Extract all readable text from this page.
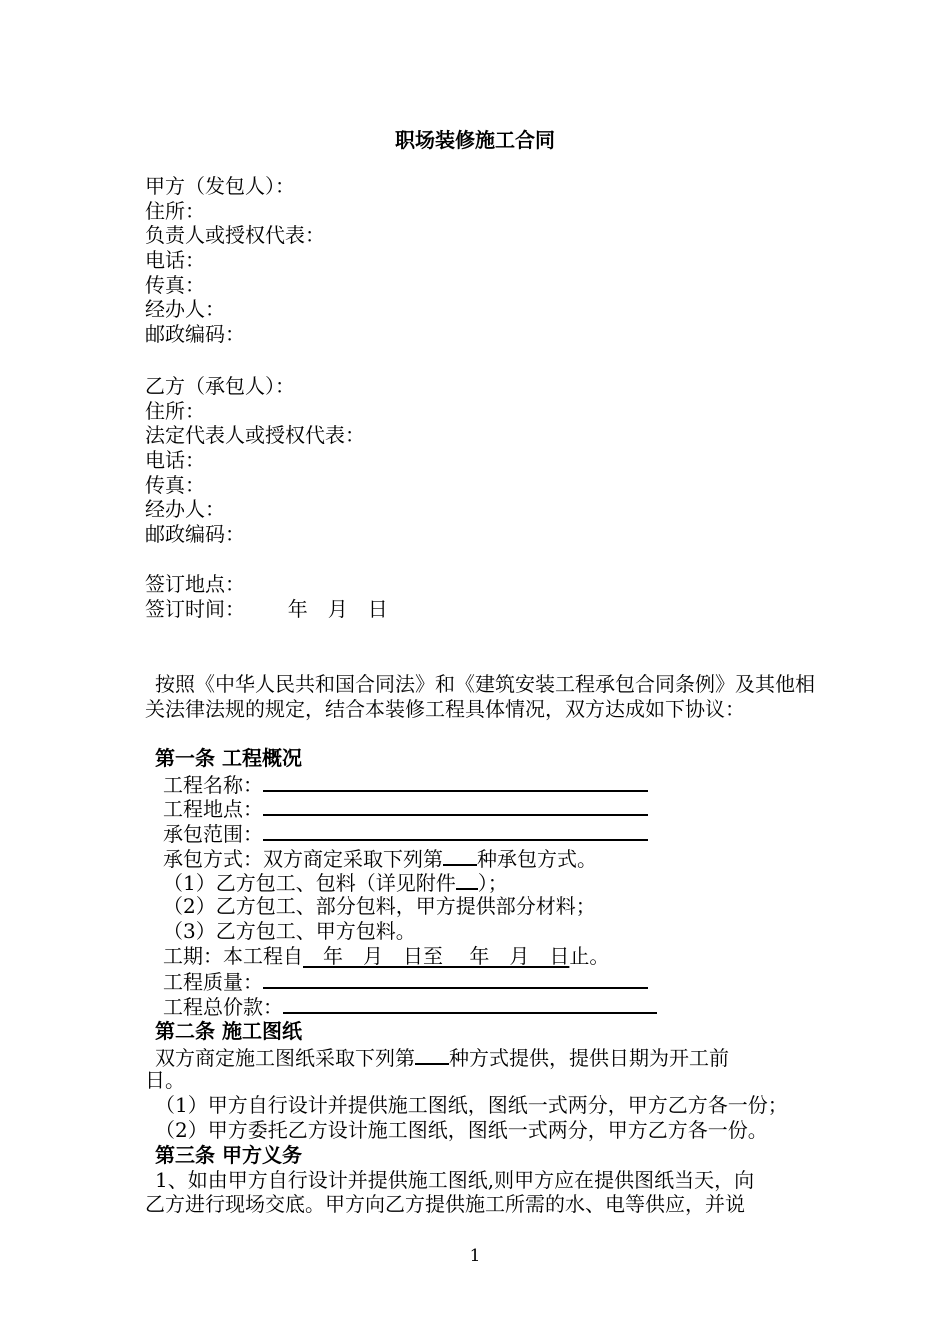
职场装修施工合同
甲方（发包人）：
住所：
负责人或授权代表：
电话：
传真：
经办人：
邮政编码：
乙方（承包人）：
住所：
法定代表人或授权代表：
电话：
传真：
经办人：
邮政编码：
签订地点：
签订时间： 年　月　日

按照《中华人民共和国合同法》和《建筑安装工程承包合同条例》及其他相关法律法规的规定，结合本装修工程具体情况，双方达成如下协议：

第一条 工程概况
工程名称：
工程地点：
承包范围：
承包方式：双方商定采取下列第 种承包方式。
（1）乙方包工、包料（详见附件 ）；
（2）乙方包工、部分包料，甲方提供部分材料；
（3）乙方包工、甲方包料。
工期：本工程自　年　月　日至　 年　月　日止。
工程质量：
工程总价款：
第二条 施工图纸
双方商定施工图纸采取下列第 种方式提供，提供日期为开工前
日。
（1）甲方自行设计并提供施工图纸，图纸一式两分，甲方乙方各一份；
（2）甲方委托乙方设计施工图纸，图纸一式两分，甲方乙方各一份。
第三条 甲方义务
1、如由甲方自行设计并提供施工图纸,则甲方应在提供图纸当天，向
乙方进行现场交底。甲方向乙方提供施工所需的水、电等供应，并说
1
